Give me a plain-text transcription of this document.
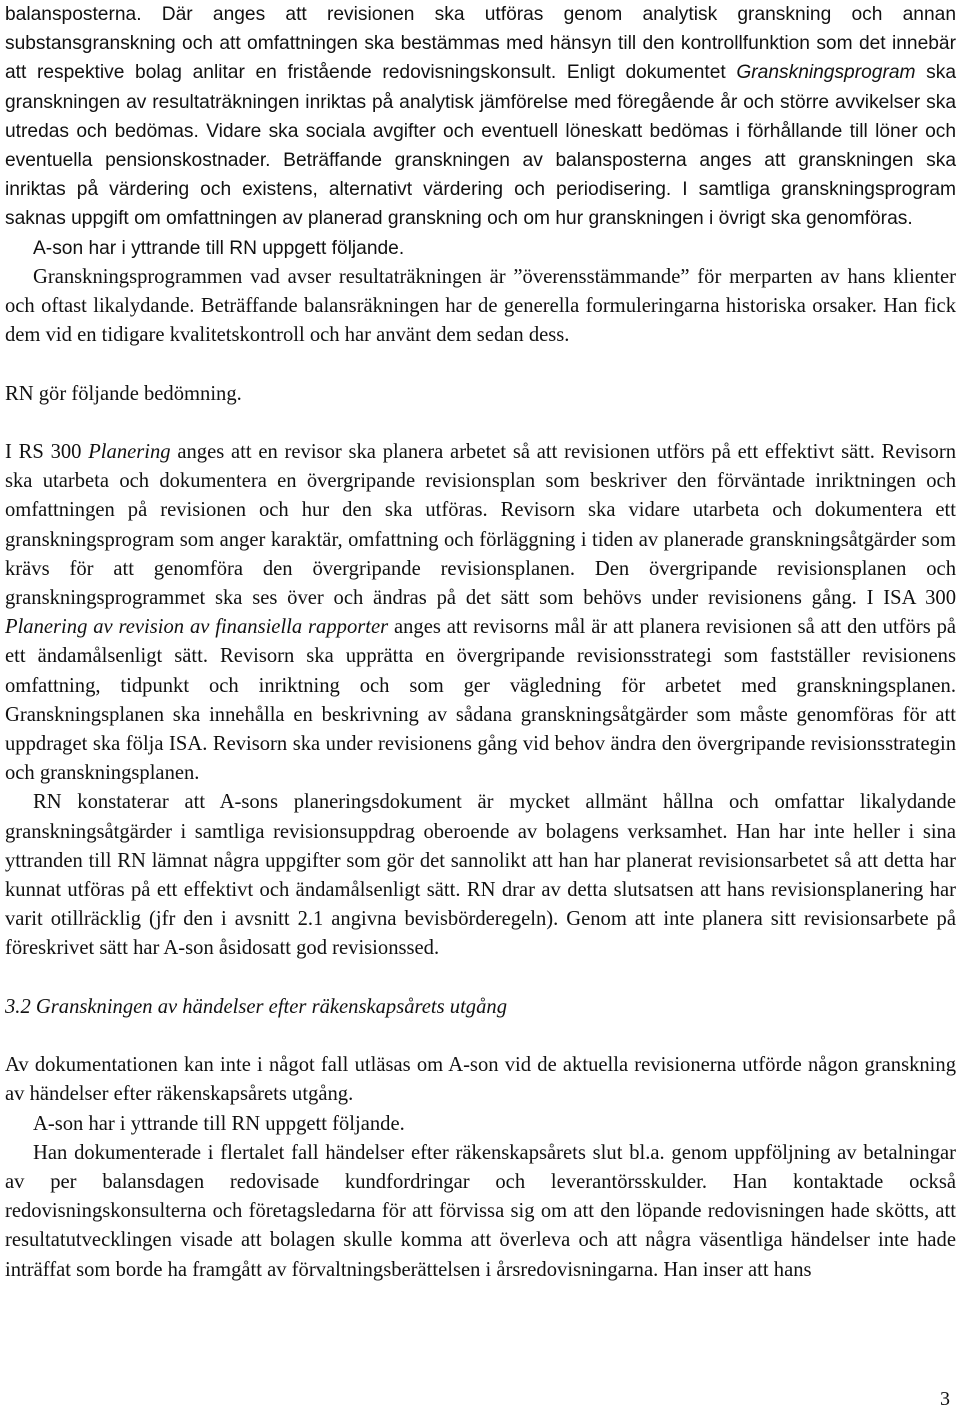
balansposterna. Där anges att revisionen ska utföras genom analytisk granskning och annan substansgranskning och att omfattningen ska bestämmas med hänsyn till den kontrollfunktion som det innebär att respektive bolag anlitar en fristående redovisningskonsult. Enligt dokumentet Granskningsprogram ska granskningen av resultaträkningen inriktas på analytisk jämförelse med föregående år och större avvikelser ska utredas och bedömas. Vidare ska sociala avgifter och eventuell löneskatt bedömas i förhållande till löner och eventuella pensionskostnader. Beträffande granskningen av balansposterna anges att granskningen ska inriktas på värdering och existens, alternativt värdering och periodisering. I samtliga granskningsprogram saknas uppgift om omfattningen av planerad granskning och om hur granskningen i övrigt ska genomföras.

A-son har i yttrande till RN uppgett följande.

Granskningsprogrammen vad avser resultaträkningen är ”överensstämmande” för merparten av hans klienter och oftast likalydande. Beträffande balansräkningen har de generella formuleringarna historiska orsaker. Han fick dem vid en tidigare kvalitetskontroll och har använt dem sedan dess.

RN gör följande bedömning.

I RS 300 Planering anges att en revisor ska planera arbetet så att revisionen utförs på ett effektivt sätt. Revisorn ska utarbeta och dokumentera en övergripande revisionsplan som beskriver den förväntade inriktningen och omfattningen på revisionen och hur den ska utföras. Revisorn ska vidare utarbeta och dokumentera ett granskningsprogram som anger karaktär, omfattning och förläggning i tiden av planerade granskningsåtgärder som krävs för att genomföra den övergripande revisionsplanen. Den övergripande revisionsplanen och granskningsprogrammet ska ses över och ändras på det sätt som behövs under revisionens gång. I ISA 300 Planering av revision av finansiella rapporter anges att revisorns mål är att planera revisionen så att den utförs på ett ändamålsenligt sätt. Revisorn ska upprätta en övergripande revisionsstrategi som fastställer revisionens omfattning, tidpunkt och inriktning och som ger vägledning för arbetet med granskningsplanen. Granskningsplanen ska innehålla en beskrivning av sådana granskningsåtgärder som måste genomföras för att uppdraget ska följa ISA. Revisorn ska under revisionens gång vid behov ändra den övergripande revisionsstrategin och granskningsplanen.

RN konstaterar att A-sons planeringsdokument är mycket allmänt hållna och omfattar likalydande granskningsåtgärder i samtliga revisionsuppdrag oberoende av bolagens verksamhet. Han har inte heller i sina yttranden till RN lämnat några uppgifter som gör det sannolikt att han har planerat revisionsarbetet så att detta har kunnat utföras på ett effektivt och ändamålsenligt sätt. RN drar av detta slutsatsen att hans revisionsplanering har varit otillräcklig (jfr den i avsnitt 2.1 angivna bevisbörderegeln). Genom att inte planera sitt revisionsarbete på föreskrivet sätt har A-son åsidosatt god revisionssed.

3.2 Granskningen av händelser efter räkenskapsårets utgång

Av dokumentationen kan inte i något fall utläsas om A-son vid de aktuella revisionerna utförde någon granskning av händelser efter räkenskapsårets utgång.

A-son har i yttrande till RN uppgett följande.

Han dokumenterade i flertalet fall händelser efter räkenskapsårets slut bl.a. genom uppföljning av betalningar av per balansdagen redovisade kundfordringar och leverantörsskulder. Han kontaktade också redovisningskonsulterna och företagsledarna för att förvissa sig om att den löpande redovisningen hade skötts, att resultatutvecklingen visade att bolagen skulle komma att överleva och att några väsentliga händelser inte hade inträffat som borde ha framgått av förvaltningsberättelsen i årsredovisningarna. Han inser att hans

3
